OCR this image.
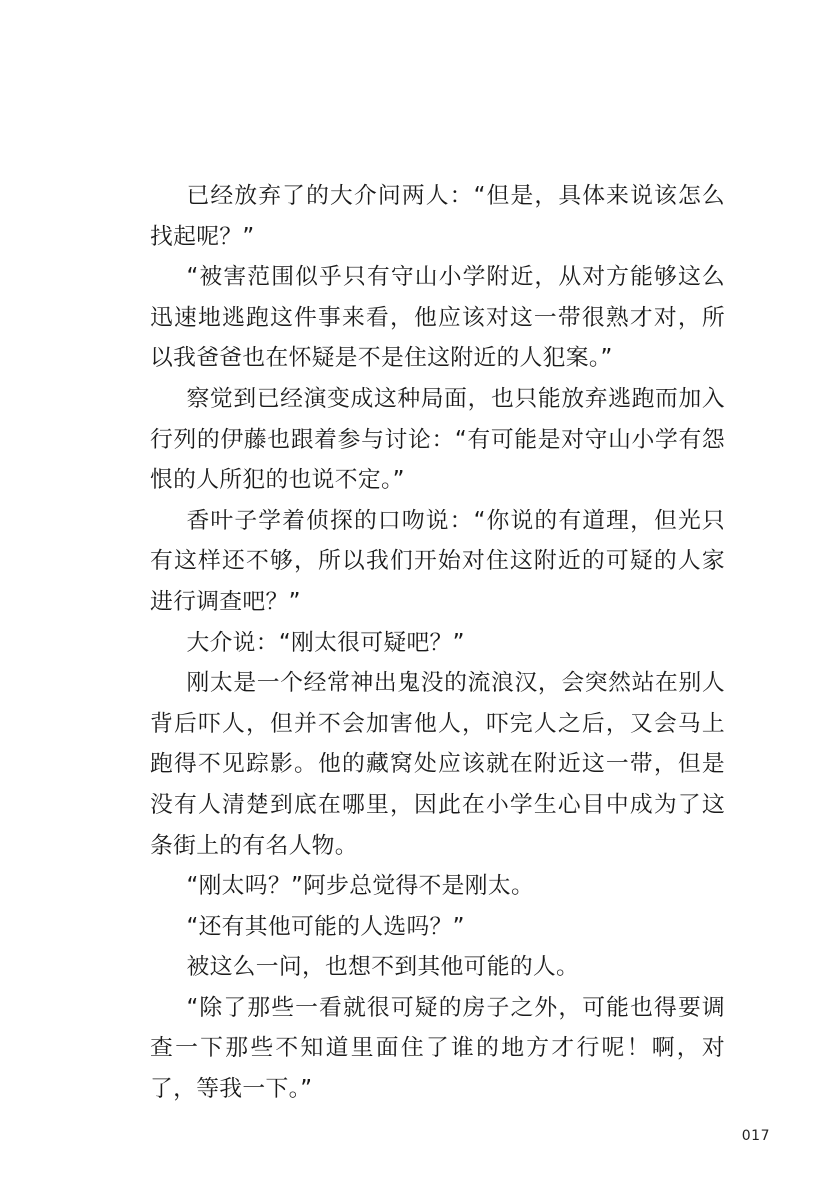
已经放弃了的大介问两人：“但是，具体来说该怎么找起呢？”

“被害范围似乎只有守山小学附近，从对方能够这么迅速地逃跑这件事来看，他应该对这一带很熟才对，所以我爸爸也在怀疑是不是住这附近的人犯案。”

察觉到已经演变成这种局面，也只能放弃逃跑而加入行列的伊藤也跟着参与讨论：“有可能是对守山小学有怨恨的人所犯的也说不定。”

香叶子学着侦探的口吻说：“你说的有道理，但光只有这样还不够，所以我们开始对住这附近的可疑的人家进行调查吧？”

大介说：“刚太很可疑吧？”

刚太是一个经常神出鬼没的流浪汉，会突然站在别人背后吓人，但并不会加害他人，吓完人之后，又会马上跑得不见踪影。他的藏窝处应该就在附近这一带，但是没有人清楚到底在哪里，因此在小学生心目中成为了这条街上的有名人物。

“刚太吗？”阿步总觉得不是刚太。

“还有其他可能的人选吗？”

被这么一问，也想不到其他可能的人。

“除了那些一看就很可疑的房子之外，可能也得要调查一下那些不知道里面住了谁的地方才行呢！啊，对了，等我一下。”

017
